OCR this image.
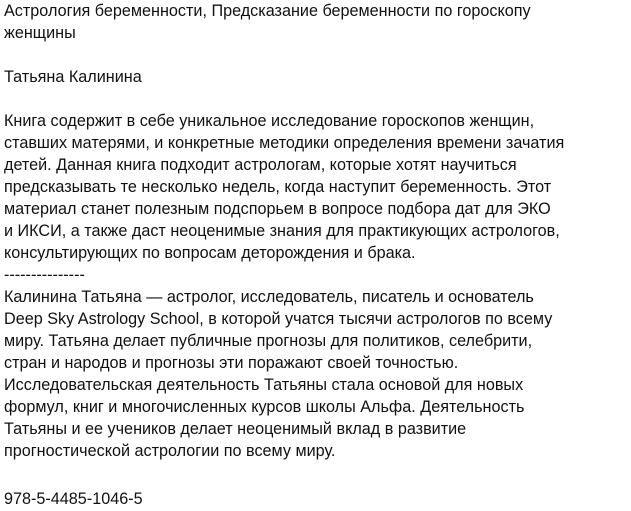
Астрология беременности, Предсказание беременности по гороскопу
женщины

Татьяна Калинина

Книга содержит в себе уникальное исследование гороскопов женщин,
ставших матерями, и конкретные методики определения времени зачатия
детей. Данная книга подходит астрологам, которые хотят научиться
предсказывать те несколько недель, когда наступит беременность. Этот
материал станет полезным подспорьем в вопросе подбора дат для ЭКО
и ИКСИ, а также даст неоценимые знания для практикующих астрологов,
консультирующих по вопросам деторождения и брака.

---------------

Калинина Татьяна — астролог, исследователь, писатель и основатель
Deep Sky Astrology School, в которой учатся тысячи астрологов по всему
миру. Татьяна делает публичные прогнозы для политиков, селебрити,
стран и народов и прогнозы эти поражают своей точностью.
Исследовательская деятельность Татьяны стала основой для новых
формул, книг и многочисленных курсов школы Альфа. Деятельность
Татьяны и ее учеников делает неоценимый вклад в развитие
прогностической астрологии по всему миру.

978-5-4485-1046-5
